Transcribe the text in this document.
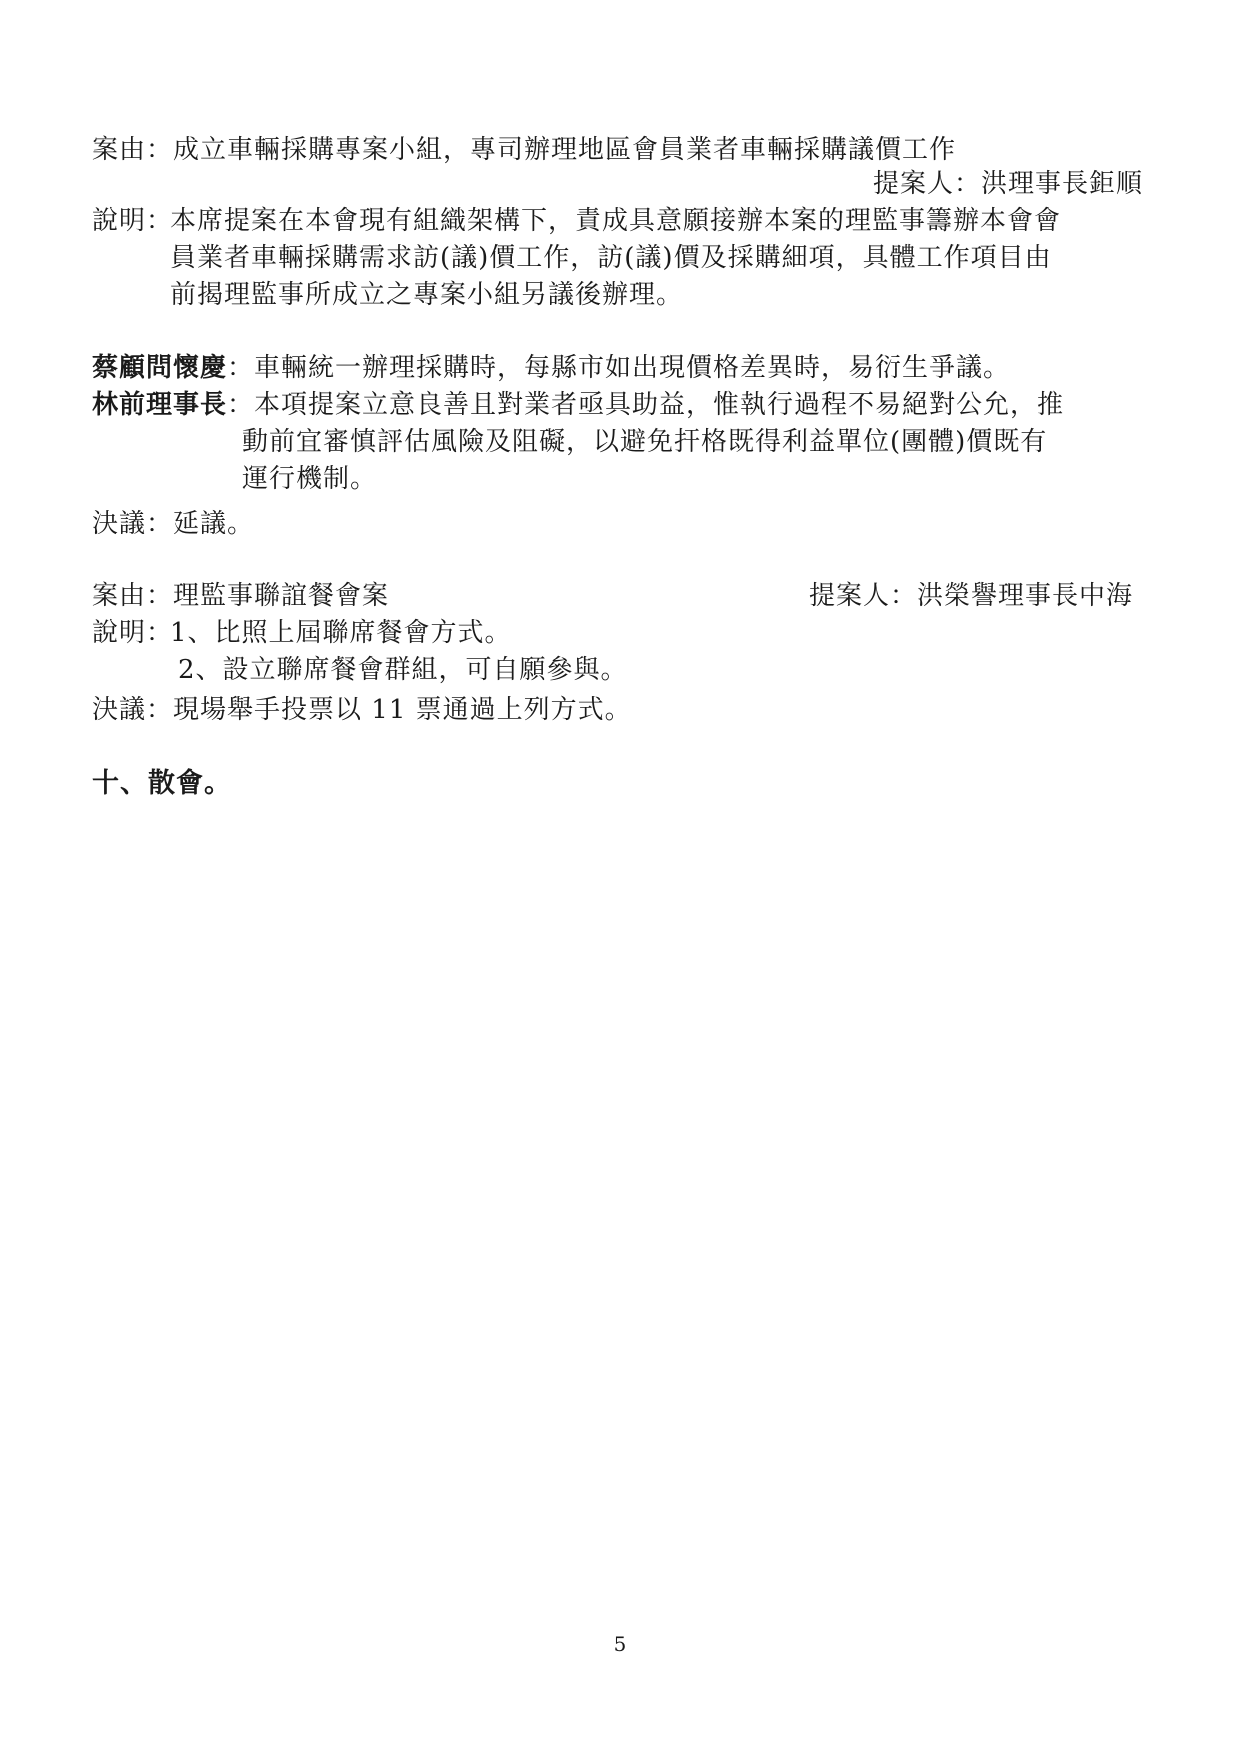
案由：成立車輛採購專案小組，專司辦理地區會員業者車輛採購議價工作
提案人：洪理事長鉅順
說明：
本席提案在本會現有組織架構下，責成具意願接辦本案的理監事籌辦本會會
員業者車輛採購需求訪(議)價工作，訪(議)價及採購細項，具體工作項目由
前揭理監事所成立之專案小組另議後辦理。
蔡顧問懷慶：車輛統一辦理採購時，每縣市如出現價格差異時，易衍生爭議。
林前理事長：本項提案立意良善且對業者亟具助益，惟執行過程不易絕對公允，推
動前宜審慎評估風險及阻礙，以避免扞格既得利益單位(團體)價既有
運行機制。
決議：延議。
案由：理監事聯誼餐會案	提案人：洪榮譽理事長中海
說明：
1、比照上屆聯席餐會方式。
2、設立聯席餐會群組，可自願參與。
決議：現場舉手投票以 11 票通過上列方式。
十、散會。
5
